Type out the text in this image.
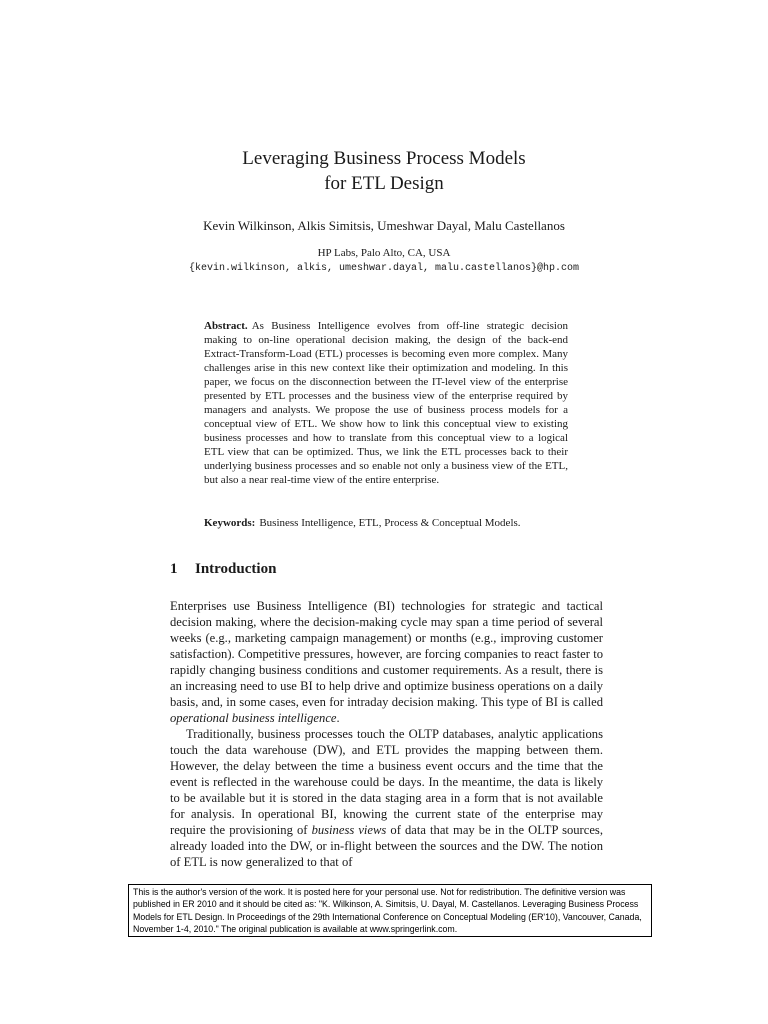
Leveraging Business Process Models
for ETL Design
Kevin Wilkinson, Alkis Simitsis, Umeshwar Dayal, Malu Castellanos
HP Labs, Palo Alto, CA, USA
{kevin.wilkinson, alkis, umeshwar.dayal, malu.castellanos}@hp.com
Abstract. As Business Intelligence evolves from off-line strategic decision making to on-line operational decision making, the design of the back-end Extract-Transform-Load (ETL) processes is becoming even more complex. Many challenges arise in this new context like their optimization and modeling. In this paper, we focus on the disconnection between the IT-level view of the enterprise presented by ETL processes and the business view of the enterprise required by managers and analysts. We propose the use of business process models for a conceptual view of ETL. We show how to link this conceptual view to existing business processes and how to translate from this conceptual view to a logical ETL view that can be optimized. Thus, we link the ETL processes back to their underlying business processes and so enable not only a business view of the ETL, but also a near real-time view of the entire enterprise.
Keywords: Business Intelligence, ETL, Process & Conceptual Models.
1 Introduction

Enterprises use Business Intelligence (BI) technologies for strategic and tactical decision making, where the decision-making cycle may span a time period of several weeks (e.g., marketing campaign management) or months (e.g., improving customer satisfaction). Competitive pressures, however, are forcing companies to react faster to rapidly changing business conditions and customer requirements. As a result, there is an increasing need to use BI to help drive and optimize business operations on a daily basis, and, in some cases, even for intraday decision making. This type of BI is called operational business intelligence.

Traditionally, business processes touch the OLTP databases, analytic applications touch the data warehouse (DW), and ETL provides the mapping between them. However, the delay between the time a business event occurs and the time that the event is reflected in the warehouse could be days. In the meantime, the data is likely to be available but it is stored in the data staging area in a form that is not available for analysis. In operational BI, knowing the current state of the enterprise may require the provisioning of business views of data that may be in the OLTP sources, already loaded into the DW, or in-flight between the sources and the DW. The notion of ETL is now generalized to that of

This is the author's version of the work. It is posted here for your personal use. Not for redistribution. The definitive version was published in ER 2010 and it should be cited as: "K. Wilkinson, A. Simitsis, U. Dayal, M. Castellanos. Leveraging Business Process Models for ETL Design. In Proceedings of the 29th International Conference on Conceptual Modeling (ER'10), Vancouver, Canada, November 1-4, 2010." The original publication is available at www.springerlink.com.
